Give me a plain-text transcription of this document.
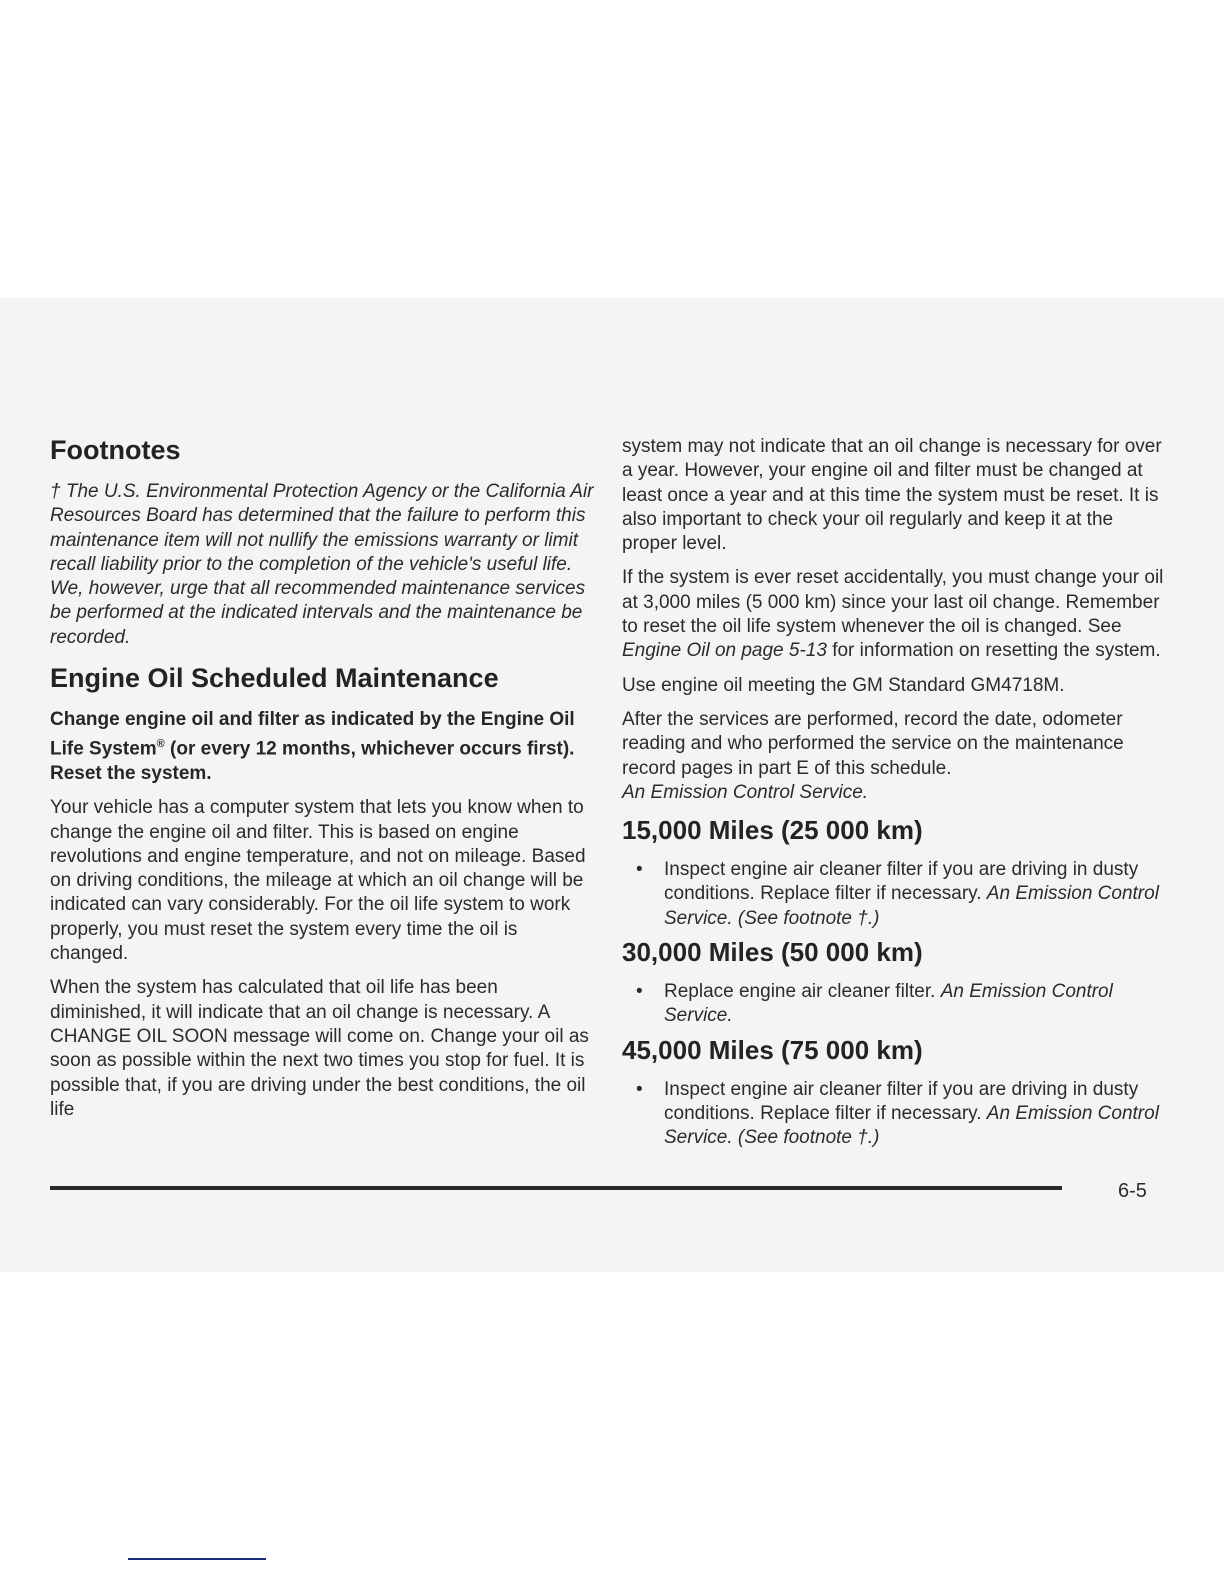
Footnotes

† The U.S. Environmental Protection Agency or the California Air Resources Board has determined that the failure to perform this maintenance item will not nullify the emissions warranty or limit recall liability prior to the completion of the vehicle's useful life. We, however, urge that all recommended maintenance services be performed at the indicated intervals and the maintenance be recorded.

Engine Oil Scheduled Maintenance

Change engine oil and filter as indicated by the Engine Oil Life System® (or every 12 months, whichever occurs first). Reset the system.

Your vehicle has a computer system that lets you know when to change the engine oil and filter. This is based on engine revolutions and engine temperature, and not on mileage. Based on driving conditions, the mileage at which an oil change will be indicated can vary considerably. For the oil life system to work properly, you must reset the system every time the oil is changed.

When the system has calculated that oil life has been diminished, it will indicate that an oil change is necessary. A CHANGE OIL SOON message will come on. Change your oil as soon as possible within the next two times you stop for fuel. It is possible that, if you are driving under the best conditions, the oil life

system may not indicate that an oil change is necessary for over a year. However, your engine oil and filter must be changed at least once a year and at this time the system must be reset. It is also important to check your oil regularly and keep it at the proper level.

If the system is ever reset accidentally, you must change your oil at 3,000 miles (5 000 km) since your last oil change. Remember to reset the oil life system whenever the oil is changed. See Engine Oil on page 5-13 for information on resetting the system.

Use engine oil meeting the GM Standard GM4718M.

After the services are performed, record the date, odometer reading and who performed the service on the maintenance record pages in part E of this schedule.
An Emission Control Service.

15,000 Miles (25 000 km)
• Inspect engine air cleaner filter if you are driving in dusty conditions. Replace filter if necessary. An Emission Control Service. (See footnote †.)
30,000 Miles (50 000 km)
• Replace engine air cleaner filter. An Emission Control Service.
45,000 Miles (75 000 km)
• Inspect engine air cleaner filter if you are driving in dusty conditions. Replace filter if necessary. An Emission Control Service. (See footnote †.)
6-5
